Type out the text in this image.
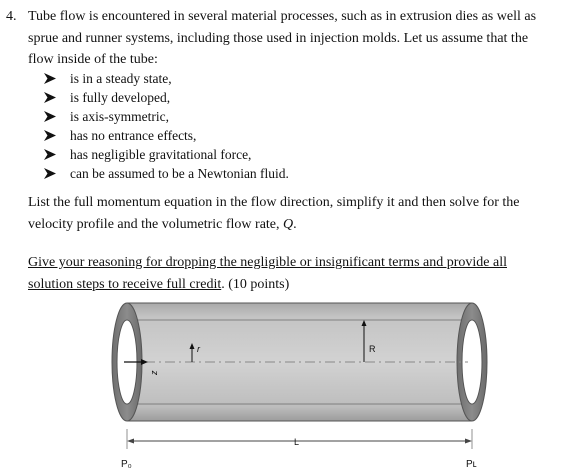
4. Tube flow is encountered in several material processes, such as in extrusion dies as well as sprue and runner systems, including those used in injection molds. Let us assume that the flow inside of the tube:
is in a steady state,
is fully developed,
is axis-symmetric,
has no entrance effects,
has negligible gravitational force,
can be assumed to be a Newtonian fluid.
List the full momentum equation in the flow direction, simplify it and then solve for the velocity profile and the volumetric flow rate, Q.
Give your reasoning for dropping the negligible or insignificant terms and provide all solution steps to receive full credit. (10 points)
z
r	R
L
P₀	Pʟ
